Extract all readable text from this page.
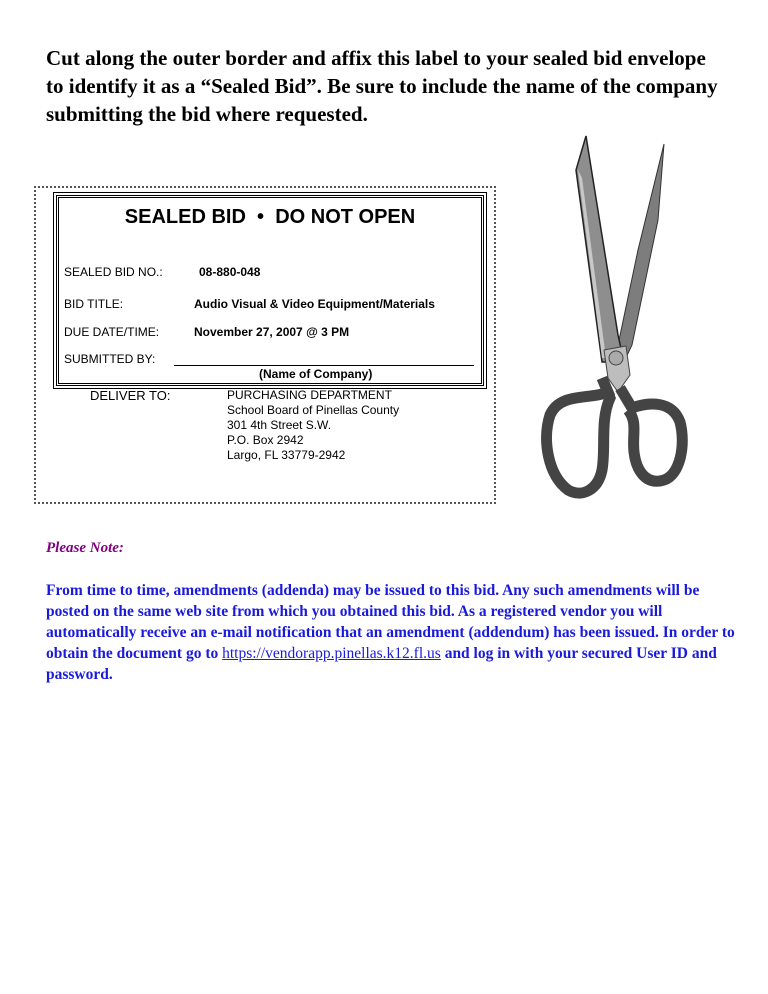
Cut along the outer border and affix this label to your sealed bid envelope to identify it as a “Sealed Bid”. Be sure to include the name of the company submitting the bid where requested.

SEALED BID • DO NOT OPEN
SEALED BID NO.:	08-880-048
BID TITLE:	Audio Visual & Video Equipment/Materials
DUE DATE/TIME:	November 27, 2007 @ 3 PM
SUBMITTED BY:
(Name of Company)
DELIVER TO:	PURCHASING DEPARTMENT
School Board of Pinellas County
301 4th Street S.W.
P.O. Box 2942
Largo, FL 33779-2942
Please Note:

From time to time, amendments (addenda) may be issued to this bid. Any such amendments will be posted on the same web site from which you obtained this bid. As a registered vendor you will automatically receive an e-mail notification that an amendment (addendum) has been issued. In order to obtain the document go to https://vendorapp.pinellas.k12.fl.us and log in with your secured User ID and password.
